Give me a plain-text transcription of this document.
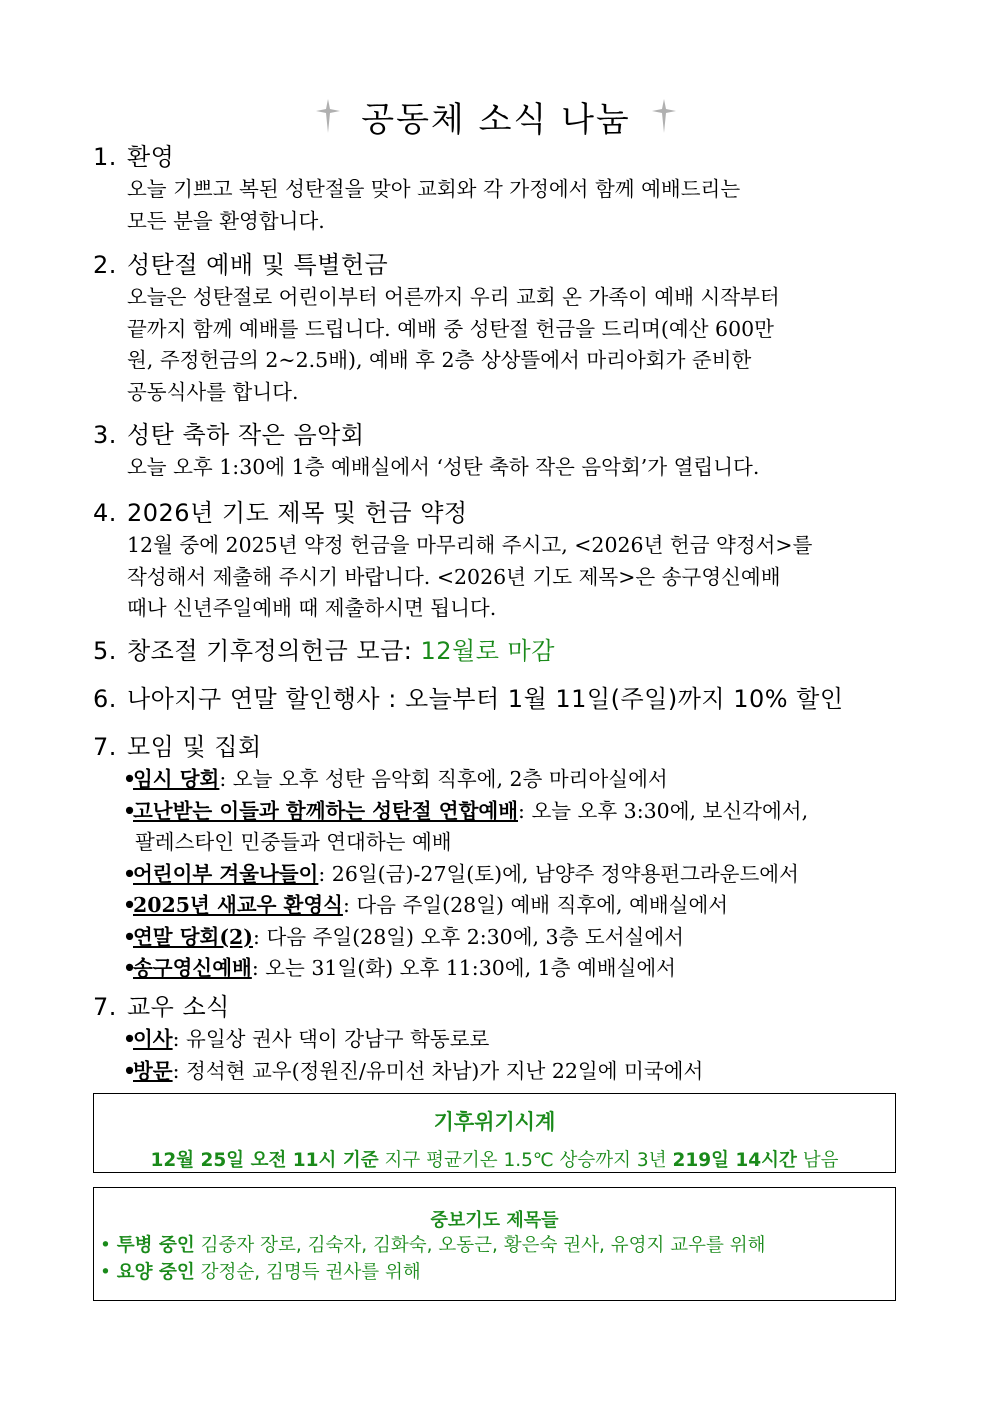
공동체 소식 나눔
1. 환영
오늘 기쁘고 복된 성탄절을 맞아 교회와 각 가정에서 함께 예배드리는
모든 분을 환영합니다.
2. 성탄절 예배 및 특별헌금
오늘은 성탄절로 어린이부터 어른까지 우리 교회 온 가족이 예배 시작부터
끝까지 함께 예배를 드립니다. 예배 중 성탄절 헌금을 드리며(예산 600만
원, 주정헌금의 2~2.5배), 예배 후 2층 상상뜰에서 마리아회가 준비한
공동식사를 합니다.
3. 성탄 축하 작은 음악회
오늘 오후 1:30에 1층 예배실에서 ‘성탄 축하 작은 음악회’가 열립니다.
4. 2026년 기도 제목 및 헌금 약정
12월 중에 2025년 약정 헌금을 마무리해 주시고, <2026년 헌금 약정서>를
작성해서 제출해 주시기 바랍니다. <2026년 기도 제목>은 송구영신예배
때나 신년주일예배 때 제출하시면 됩니다.
5. 창조절 기후정의헌금 모금: 12월로 마감
6. 나아지구 연말 할인행사 : 오늘부터 1월 11일(주일)까지 10% 할인
7. 모임 및 집회
•임시 당회: 오늘 오후 성탄 음악회 직후에, 2층 마리아실에서
•고난받는 이들과 함께하는 성탄절 연합예배: 오늘 오후 3:30에, 보신각에서,
팔레스타인 민중들과 연대하는 예배
•어린이부 겨울나들이: 26일(금)-27일(토)에, 남양주 정약용펀그라운드에서
•2025년 새교우 환영식: 다음 주일(28일) 예배 직후에, 예배실에서
•연말 당회(2): 다음 주일(28일) 오후 2:30에, 3층 도서실에서
•송구영신예배: 오는 31일(화) 오후 11:30에, 1층 예배실에서
7. 교우 소식
•이사: 유일상 권사 댁이 강남구 학동로로
•방문: 정석현 교우(정원진/유미선 차남)가 지난 22일에 미국에서
기후위기시계
12월 25일 오전 11시 기준 지구 평균기온 1.5℃ 상승까지 3년 219일 14시간 남음
중보기도 제목들
• 투병 중인 김중자 장로, 김숙자, 김화숙, 오동근, 황은숙 권사, 유영지 교우를 위해
• 요양 중인 강정순, 김명득 권사를 위해
